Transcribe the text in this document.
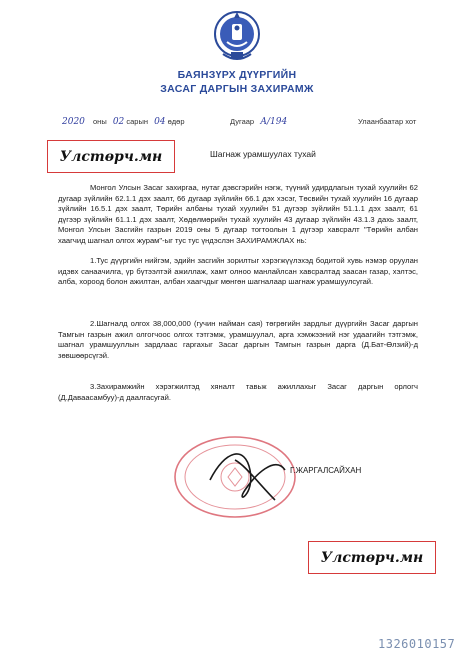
БАЯНЗҮРХ ДҮҮРГИЙН
ЗАСАГ ДАРГЫН ЗАХИРАМЖ
2020 оны 02 сарын 04 өдөр	Дугаар А/194	Улаанбаатар хот
Улстөрч.мн	Шагнаж урамшуулах тухай

Монгол Улсын Засаг захиргаа, нутаг дэвсгэрийн нэгж, түүний удирдлагын тухай хуулийн 62 дугаар зүйлийн 62.1.1 дэх заалт, 66 дугаар зүйлийн 66.1 дэх хэсэг, Төсвийн тухай хуулийн 16 дугаар зүйлийн 16.5.1 дэх заалт, Төрийн албаны тухай хуулийн 51 дүгээр зүйлийн 51.1.1 дэх заалт, 61 дүгээр зүйлийн 61.1.1 дэх заалт, Хөдөлмөрийн тухай хуулийн 43 дугаар зүйлийн 43.1.3 дахь заалт, Монгол Улсын Засгийн газрын 2019 оны 5 дугаар тогтоолын 1 дүгээр хавсралт "Төрийн албан хаагчид шагнал олгох журам"-ыг тус тус үндэслэн ЗАХИРАМЖЛАХ нь:

1.Тус дүүргийн нийгэм, эдийн засгийн зорилтыг хэрэгжүүлэхэд бодитой хувь нэмэр оруулан идэвх санаачилга, үр бүтээлтэй ажиллаж, хамт олноо манлайлсан хавсралтад заасан газар, хэлтэс, алба, хороод болон ажилтан, албан хаагчдыг мөнгөн шагналаар шагнаж урамшуулсугай.

2.Шагналд олгох 38,000,000 (гучин найман сая) төгрөгийн зардлыг дүүргийн Засаг даргын Тамгын газрын ажил олгогчоос олгох тэтгэмж, урамшуулал, арга хэмжээний нэг удаагийн тэтгэмж, шагнал урамшууллын зардлаас гаргахыг Засаг даргын Тамгын газрын дарга (Д.Бат-Өлзий)-д зөвшөөрсүгэй.

3.Захирамжийн хэрэгжилтэд хяналт тавьж ажиллахыг Засаг даргын орлогч (Д.Даваасамбуу)-д даалгасугай.

Г.ЖАРГАЛСАЙХАН
Улстөрч.мн
1326010157
